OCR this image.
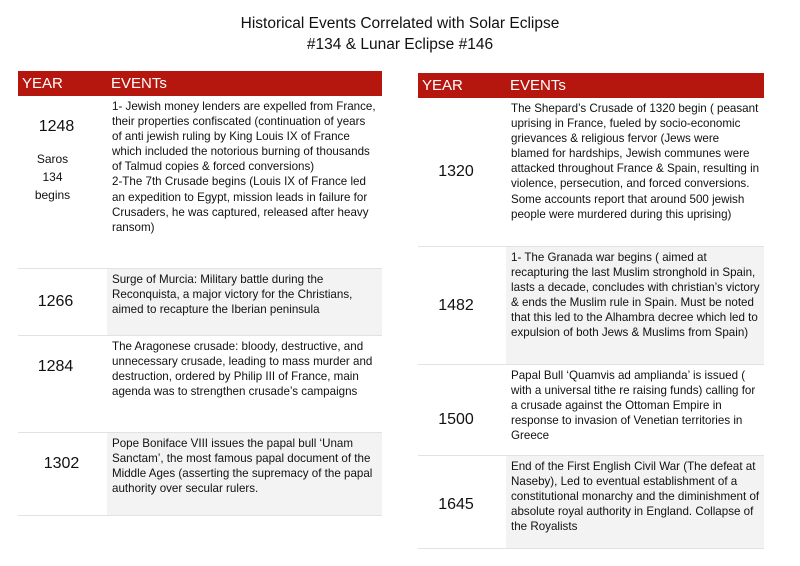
Historical Events Correlated with Solar Eclipse
#134 & Lunar Eclipse #146
YEAR	EVENTs
1248
Saros
134
begins
1- Jewish money lenders are expelled from France, their properties confiscated (continuation of years of anti jewish ruling by King Louis IX of France which included the notorious burning of thousands of Talmud copies & forced conversions)
2-The 7th Crusade begins (Louis IX of France led an expedition to Egypt, mission leads in failure for Crusaders, he was captured, released after heavy ransom)
1266
Surge of Murcia: Military battle during the Reconquista, a major victory for the Christians, aimed to recapture the Iberian peninsula
1284
The Aragonese crusade: bloody, destructive, and unnecessary crusade, leading to mass murder and destruction, ordered by Philip III of France, main agenda was to strengthen crusade’s campaigns
1302
Pope Boniface VIII issues the papal bull ‘Unam Sanctam’, the most famous papal document of the Middle Ages (asserting the supremacy of the papal authority over secular rulers.
YEAR	EVENTs
1320
The Shepard’s Crusade of 1320 begin ( peasant uprising in France, fueled by socio-economic grievances & religious fervor (Jews were blamed for hardships, Jewish communes were attacked throughout France & Spain, resulting in violence, persecution, and forced conversions. Some accounts report that around 500 jewish people were murdered during this uprising)
1482
1- The Granada war begins ( aimed at recapturing the last Muslim stronghold in Spain, lasts a decade, concludes with christian’s victory & ends the Muslim rule in Spain. Must be noted that this led to the Alhambra decree which led to expulsion of both Jews & Muslims from Spain)
1500
Papal Bull ‘Quamvis ad amplianda’ is issued ( with a universal tithe re raising funds) calling for a crusade against the Ottoman Empire in response to invasion of Venetian territories in Greece
1645
End of the First English Civil War (The defeat at Naseby), Led to eventual establishment of a constitutional monarchy and the diminishment of absolute royal authority in England. Collapse of the Royalists
